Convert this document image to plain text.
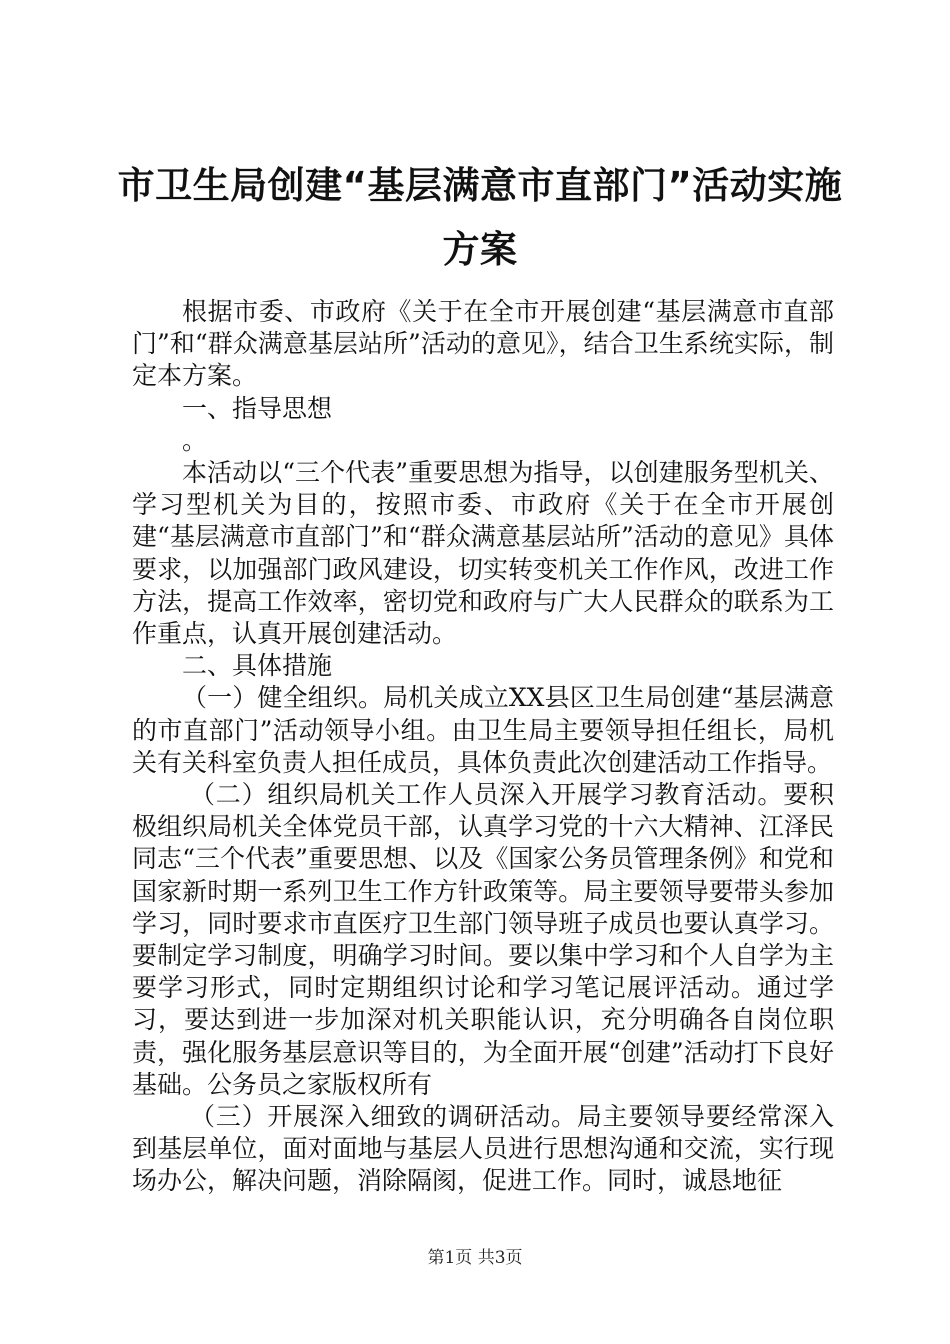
市卫生局创建“基层满意市直部门”活动实施方案

根据市委、市政府《关于在全市开展创建“基层满意市直部门”和“群众满意基层站所”活动的意见》，结合卫生系统实际，制定本方案。

一、指导思想

。

本活动以“三个代表”重要思想为指导，以创建服务型机关、学习型机关为目的，按照市委、市政府《关于在全市开展创建“基层满意市直部门”和“群众满意基层站所”活动的意见》具体要求，以加强部门政风建设，切实转变机关工作作风，改进工作方法，提高工作效率，密切党和政府与广大人民群众的联系为工作重点，认真开展创建活动。

二、具体措施

（一）健全组织。局机关成立XX县区卫生局创建“基层满意的市直部门”活动领导小组。由卫生局主要领导担任组长，局机关有关科室负责人担任成员，具体负责此次创建活动工作指导。

（二）组织局机关工作人员深入开展学习教育活动。要积极组织局机关全体党员干部，认真学习党的十六大精神、江泽民同志“三个代表”重要思想、以及《国家公务员管理条例》和党和国家新时期一系列卫生工作方针政策等。局主要领导要带头参加学习，同时要求市直医疗卫生部门领导班子成员也要认真学习。要制定学习制度，明确学习时间。要以集中学习和个人自学为主要学习形式，同时定期组织讨论和学习笔记展评活动。通过学习，要达到进一步加深对机关职能认识，充分明确各自岗位职责，强化服务基层意识等目的，为全面开展“创建”活动打下良好基础。公务员之家版权所有

（三）开展深入细致的调研活动。局主要领导要经常深入到基层单位，面对面地与基层人员进行思想沟通和交流，实行现场办公，解决问题，消除隔阂，促进工作。同时，诚恳地征

第1页 共3页
